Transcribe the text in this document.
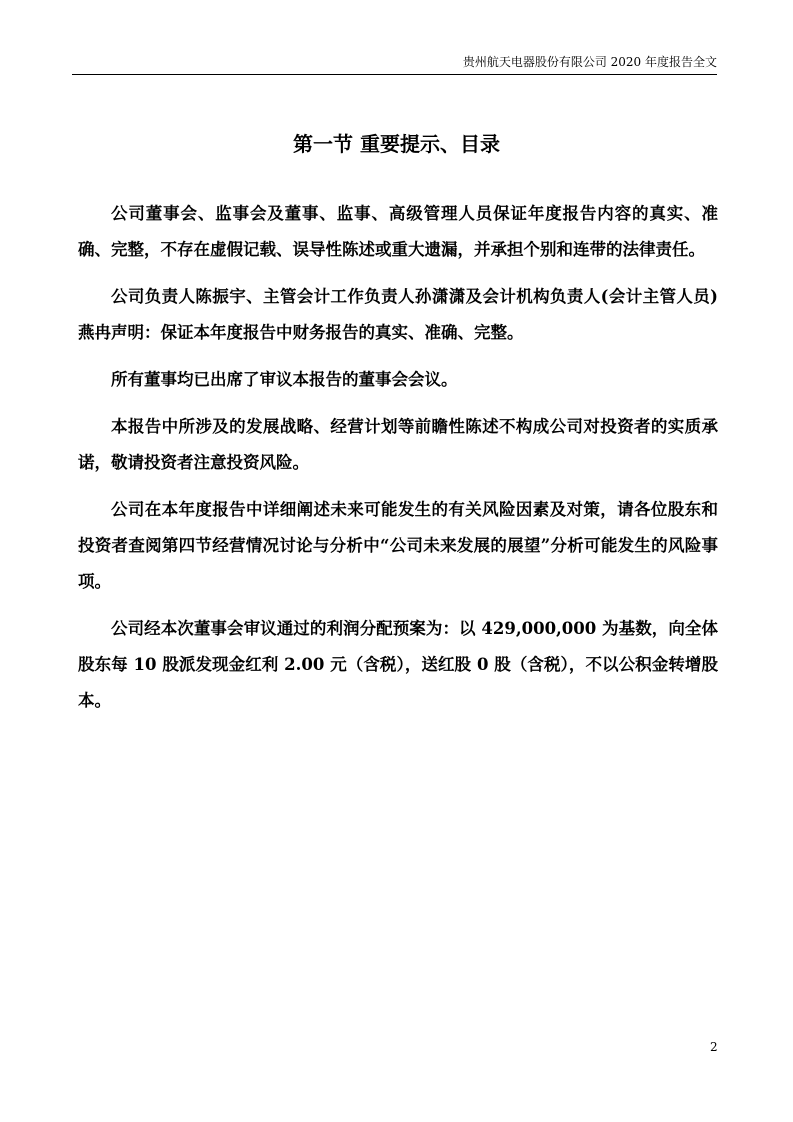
贵州航天电器股份有限公司 2020 年度报告全文
第一节 重要提示、目录

公司董事会、监事会及董事、监事、高级管理人员保证年度报告内容的真实、准确、完整，不存在虚假记载、误导性陈述或重大遗漏，并承担个别和连带的法律责任。

公司负责人陈振宇、主管会计工作负责人孙潇潇及会计机构负责人(会计主管人员)燕冉声明：保证本年度报告中财务报告的真实、准确、完整。

所有董事均已出席了审议本报告的董事会会议。

本报告中所涉及的发展战略、经营计划等前瞻性陈述不构成公司对投资者的实质承诺，敬请投资者注意投资风险。

公司在本年度报告中详细阐述未来可能发生的有关风险因素及对策，请各位股东和投资者查阅第四节经营情况讨论与分析中“公司未来发展的展望”分析可能发生的风险事项。

公司经本次董事会审议通过的利润分配预案为：以 429,000,000 为基数，向全体股东每 10 股派发现金红利 2.00 元（含税），送红股 0 股（含税），不以公积金转增股本。

2
